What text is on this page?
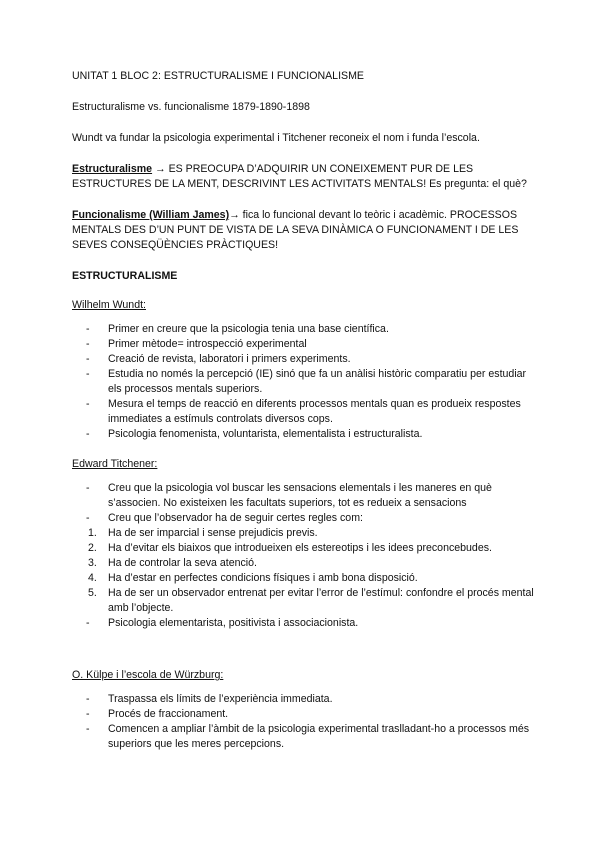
UNITAT 1 BLOC 2: ESTRUCTURALISME I FUNCIONALISME

Estructuralisme vs. funcionalisme 1879-1890-1898

Wundt va fundar la psicologia experimental i Titchener reconeix el nom i funda l’escola.

Estructuralisme → ES PREOCUPA D’ADQUIRIR UN CONEIXEMENT PUR DE LES ESTRUCTURES DE LA MENT, DESCRIVINT LES ACTIVITATS MENTALS! Es pregunta: el què?

Funcionalisme (William James)→ fica lo funcional devant lo teòric i acadèmic. PROCESSOS MENTALS DES D’UN PUNT DE VISTA DE LA SEVA DINÀMICA O FUNCIONAMENT I DE LES SEVES CONSEQÜÈNCIES PRÀCTIQUES!

ESTRUCTURALISME

Wilhelm Wundt:

-	Primer en creure que la psicologia tenia una base científica.
-	Primer mètode= introspecció experimental
-	Creació de revista, laboratori i primers experiments.
-	Estudia no només la percepció (IE) sinó que fa un anàlisi històric comparatiu per estudiar els processos mentals superiors.
-	Mesura el temps de reacció en diferents processos mentals quan es produeix respostes immediates a estímuls controlats diversos cops.
-	Psicologia fenomenista, voluntarista, elementalista i estructuralista.

Edward Titchener:

-	Creu que la psicologia vol buscar les sensacions elementals i les maneres en què s’associen. No existeixen les facultats superiors, tot es redueix a sensacions
-	Creu que l’observador ha de seguir certes regles com:
1.	Ha de ser imparcial i sense prejudicis previs.
2.	Ha d’evitar els biaixos que introdueixen els estereotips i les idees preconcebudes.
3.	Ha de controlar la seva atenció.
4.	Ha d’estar en perfectes condicions físiques i amb bona disposició.
5.	Ha de ser un observador entrenat per evitar l’error de l’estímul: confondre el procés mental amb l’objecte.
-	Psicologia elementarista, positivista i associacionista.

O. Külpe i l’escola de Würzburg:

-	Traspassa els límits de l’experiència immediata.
-	Procés de fraccionament.
-	Comencen a ampliar l’àmbit de la psicologia experimental traslladant-ho a processos més superiors que les meres percepcions.
